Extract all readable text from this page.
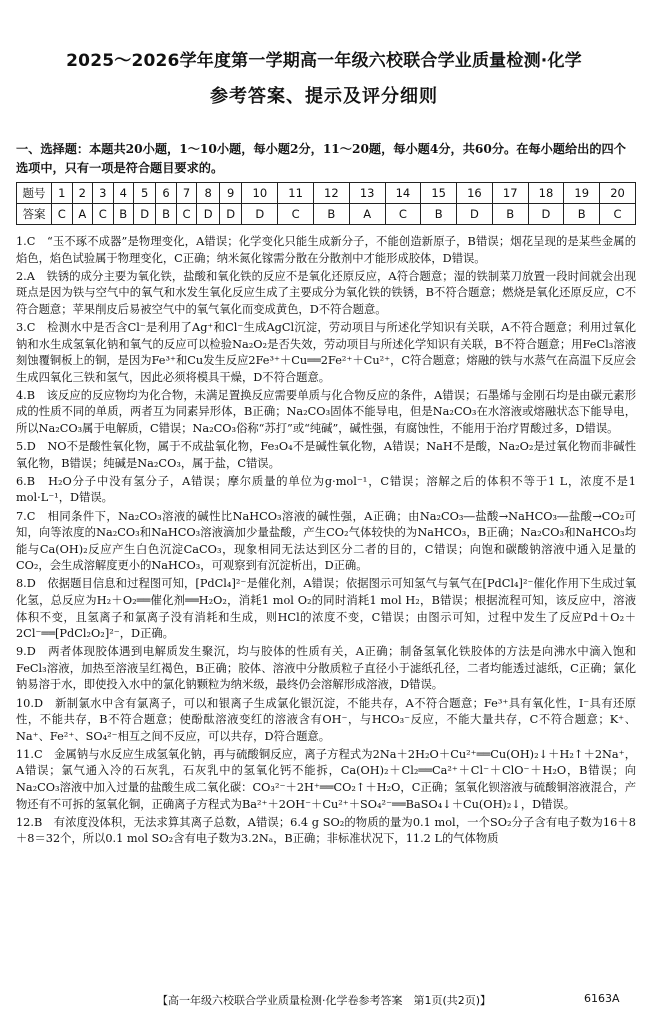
2025～2026学年度第一学期高一年级六校联合学业质量检测·化学
参考答案、提示及评分细则
一、选择题：本题共20小题，1～10小题，每小题2分，11～20题，每小题4分，共60分。在每小题给出的四个选项中，只有一项是符合题目要求的。
题号	1	2	3	4	5	6	7	8	9	10	11	12	13	14	15	16	17	18	19	20
答案	C	A	C	B	D	B	C	D	D	D	C	B	A	C	B	D	B	D	B	C

1.C　“玉不琢不成器”是物理变化，A错误；化学变化只能生成新分子，不能创造新原子，B错误；烟花呈现的是某些金属的焰色，焰色试验属于物理变化，C正确；纳米氮化镓需分散在分散剂中才能形成胶体，D错误。

2.A　铁锈的成分主要为氧化铁，盐酸和氧化铁的反应不是氧化还原反应，A符合题意；湿的铁制菜刀放置一段时间就会出现斑点是因为铁与空气中的氧气和水发生氧化反应生成了主要成分为氧化铁的铁锈，B不符合题意；燃烧是氧化还原反应，C不符合题意；苹果削皮后易被空气中的氧气氧化而变成黄色，D不符合题意。

3.C　检测水中是否含Cl⁻是利用了Ag⁺和Cl⁻生成AgCl沉淀，劳动项目与所述化学知识有关联，A不符合题意；利用过氧化钠和水生成氢氧化钠和氧气的反应可以检验Na₂O₂是否失效，劳动项目与所述化学知识有关联，B不符合题意；用FeCl₃溶液刻蚀覆铜板上的铜，是因为Fe³⁺和Cu发生反应2Fe³⁺＋Cu══2Fe²⁺＋Cu²⁺，C符合题意；熔融的铁与水蒸气在高温下反应会生成四氧化三铁和氢气，因此必须将模具干燥，D不符合题意。

4.B　该反应的反应物均为化合物，未满足置换反应需要单质与化合物反应的条件，A错误；石墨烯与金刚石均是由碳元素形成的性质不同的单质，两者互为同素异形体，B正确；Na₂CO₃固体不能导电，但是Na₂CO₃在水溶液或熔融状态下能导电，所以Na₂CO₃属于电解质，C错误；Na₂CO₃俗称“苏打”或“纯碱”，碱性强，有腐蚀性，不能用于治疗胃酸过多，D错误。

5.D　NO不是酸性氧化物，属于不成盐氧化物，Fe₃O₄不是碱性氧化物，A错误；NaH不是酸，Na₂O₂是过氧化物而非碱性氧化物，B错误；纯碱是Na₂CO₃，属于盐，C错误。

6.B　H₂O分子中没有氢分子，A错误；摩尔质量的单位为g·mol⁻¹，C错误；溶解之后的体积不等于1 L，浓度不是1 mol·L⁻¹，D错误。

7.C　相同条件下，Na₂CO₃溶液的碱性比NaHCO₃溶液的碱性强，A正确；由Na₂CO₃―盐酸→NaHCO₃―盐酸→CO₂可知，向等浓度的Na₂CO₃和NaHCO₃溶液滴加少量盐酸，产生CO₂气体较快的为NaHCO₃，B正确；Na₂CO₃和NaHCO₃均能与Ca(OH)₂反应产生白色沉淀CaCO₃，现象相同无法达到区分二者的目的，C错误；向饱和碳酸钠溶液中通入足量的CO₂，会生成溶解度更小的NaHCO₃，可观察到有沉淀析出，D正确。

8.D　依据题目信息和过程图可知，[PdCl₄]²⁻是催化剂，A错误；依据图示可知氢气与氧气在[PdCl₄]²⁻催化作用下生成过氧化氢，总反应为H₂＋O₂══催化剂══H₂O₂，消耗1 mol O₂的同时消耗1 mol H₂，B错误；根据流程可知，该反应中，溶液体积不变，且氢离子和氯离子没有消耗和生成，则HCl的浓度不变，C错误；由图示可知，过程中发生了反应Pd＋O₂＋2Cl⁻══[PdCl₂O₂]²⁻，D正确。

9.D　两者体现胶体遇到电解质发生聚沉，均与胶体的性质有关，A正确；制备氢氧化铁胶体的方法是向沸水中滴入饱和FeCl₃溶液，加热至溶液呈红褐色，B正确；胶体、溶液中分散质粒子直径小于滤纸孔径，二者均能透过滤纸，C正确；氯化钠易溶于水，即使投入水中的氯化钠颗粒为纳米级，最终仍会溶解形成溶液，D错误。

10.D　新制氯水中含有氯离子，可以和银离子生成氯化银沉淀，不能共存，A不符合题意；Fe³⁺具有氧化性，I⁻具有还原性，不能共存，B不符合题意；使酚酞溶液变红的溶液含有OH⁻，与HCO₃⁻反应，不能大量共存，C不符合题意；K⁺、Na⁺、Fe²⁺、SO₄²⁻相互之间不反应，可以共存，D符合题意。

11.C　金属钠与水反应生成氢氧化钠，再与硫酸铜反应，离子方程式为2Na＋2H₂O＋Cu²⁺══Cu(OH)₂↓＋H₂↑＋2Na⁺，A错误；氯气通入冷的石灰乳，石灰乳中的氢氧化钙不能拆，Ca(OH)₂＋Cl₂══Ca²⁺＋Cl⁻＋ClO⁻＋H₂O，B错误；向Na₂CO₃溶液中加入过量的盐酸生成二氧化碳：CO₃²⁻＋2H⁺══CO₂↑＋H₂O，C正确；氢氧化钡溶液与硫酸铜溶液混合，产物还有不可拆的氢氧化铜，正确离子方程式为Ba²⁺＋2OH⁻＋Cu²⁺＋SO₄²⁻══BaSO₄↓＋Cu(OH)₂↓，D错误。

12.B　有浓度没体积，无法求算其离子总数，A错误；6.4 g SO₂的物质的量为0.1 mol，一个SO₂分子含有电子数为16＋8＋8＝32个，所以0.1 mol SO₂含有电子数为3.2Nₐ，B正确；非标准状况下，11.2 L的气体物质

【高一年级六校联合学业质量检测·化学卷参考答案　第1页(共2页)】	6163A
